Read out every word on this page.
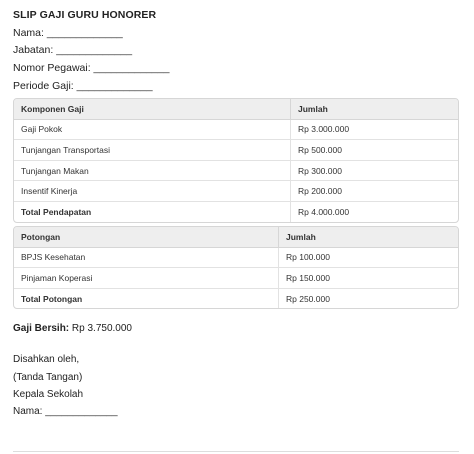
SLIP GAJI GURU HONORER
Nama: _____________
Jabatan: _____________
Nomor Pegawai: _____________
Periode Gaji: _____________
Komponen Gaji	Jumlah
Gaji Pokok	Rp 3.000.000
Tunjangan Transportasi	Rp 500.000
Tunjangan Makan	Rp 300.000
Insentif Kinerja	Rp 200.000
Total Pendapatan	Rp 4.000.000
Potongan	Jumlah
BPJS Kesehatan	Rp 100.000
Pinjaman Koperasi	Rp 150.000
Total Potongan	Rp 250.000
Gaji Bersih: Rp 3.750.000
Disahkan oleh,
(Tanda Tangan)
Kepala Sekolah
Nama: _____________
